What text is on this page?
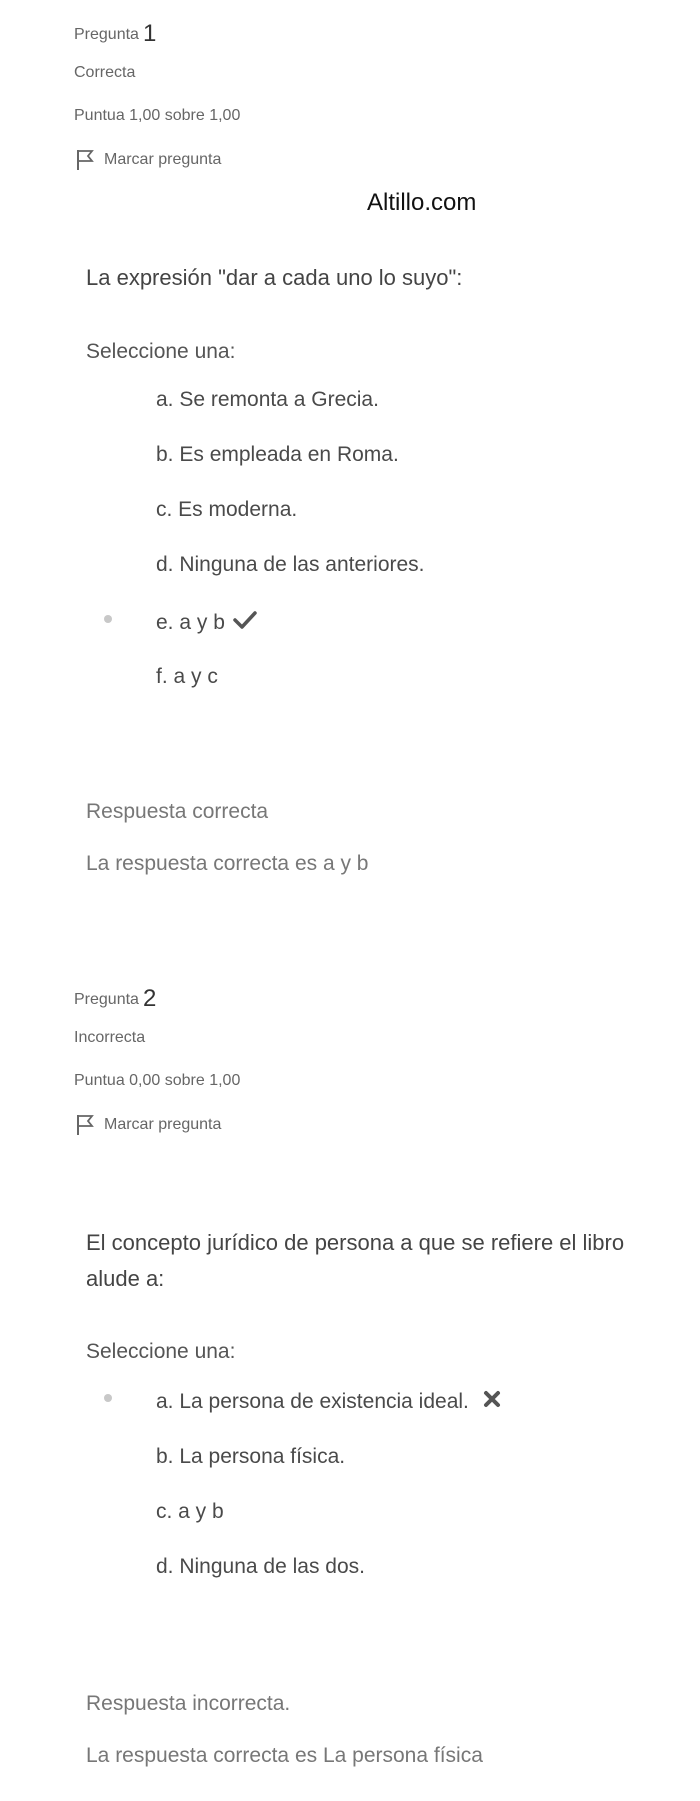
Pregunta 1
Correcta
Puntua 1,00 sobre 1,00
Marcar pregunta
Altillo.com
La expresión "dar a cada uno lo suyo":
Seleccione una:
a. Se remonta a Grecia.
b. Es empleada en Roma.
c. Es moderna.
d. Ninguna de las anteriores.
e. a y b
f. a y c
Respuesta correcta
La respuesta correcta es a y b
Pregunta 2
Incorrecta
Puntua 0,00 sobre 1,00
Marcar pregunta
El concepto jurídico de persona a que se refiere el libro alude a:
Seleccione una:
a. La persona de existencia ideal.
b. La persona física.
c. a y b
d. Ninguna de las dos.
Respuesta incorrecta.
La respuesta correcta es La persona física
